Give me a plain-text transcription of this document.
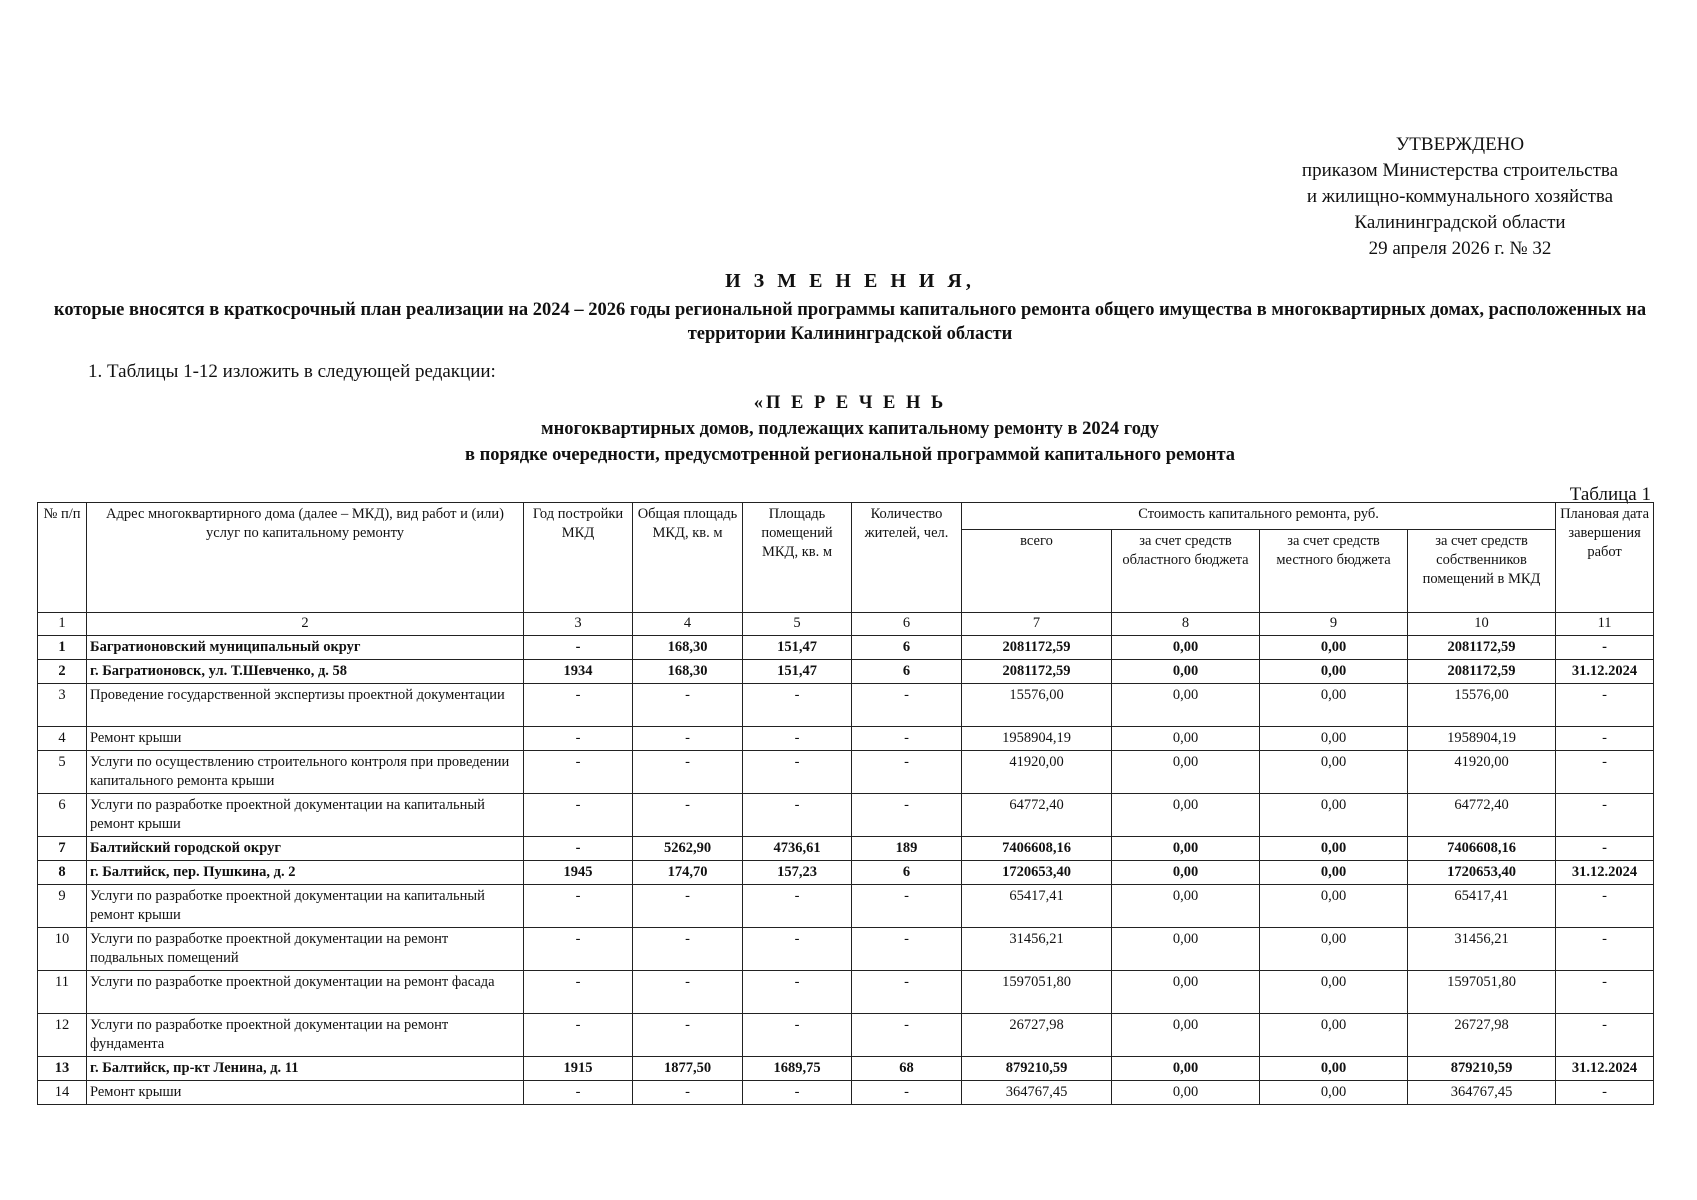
УТВЕРЖДЕНО
приказом Министерства строительства
и жилищно-коммунального хозяйства
Калининградской области
29 апреля 2026 г. № 32
И З М Е Н Е Н И Я,
которые вносятся в краткосрочный план реализации на 2024 – 2026 годы региональной программы капитального ремонта общего имущества в многоквартирных домах, расположенных на территории Калининградской области
1. Таблицы 1-12 изложить в следующей редакции:
«П Е Р Е Ч Е Н Ь
многоквартирных домов, подлежащих капитальному ремонту в 2024 году
в порядке очередности, предусмотренной региональной программой капитального ремонта
Таблица 1
№ п/п	Адрес многоквартирного дома (далее – МКД), вид работ и (или) услуг по капитальному ремонту	Год постройки МКД	Общая площадь МКД, кв. м	Площадь помещений МКД, кв. м	Количество жителей, чел.	Стоимость капитального ремонта, руб.				Плановая дата завершения работ
						всего	за счет средств областного бюджета	за счет средств местного бюджета	за счет средств собственников помещений в МКД	
1	2	3	4	5	6	7	8	9	10	11
1	Багратионовский муниципальный округ	-	168,30	151,47	6	2081172,59	0,00	0,00	2081172,59	-
2	г. Багратионовск, ул. Т.Шевченко, д. 58	1934	168,30	151,47	6	2081172,59	0,00	0,00	2081172,59	31.12.2024
3	Проведение государственной экспертизы проектной документации	-	-	-	-	15576,00	0,00	0,00	15576,00	-
4	Ремонт крыши	-	-	-	-	1958904,19	0,00	0,00	1958904,19	-
5	Услуги по осуществлению строительного контроля при проведении капитального ремонта крыши	-	-	-	-	41920,00	0,00	0,00	41920,00	-
6	Услуги по разработке проектной документации на капитальный ремонт крыши	-	-	-	-	64772,40	0,00	0,00	64772,40	-
7	Балтийский городской округ	-	5262,90	4736,61	189	7406608,16	0,00	0,00	7406608,16	-
8	г. Балтийск, пер. Пушкина, д. 2	1945	174,70	157,23	6	1720653,40	0,00	0,00	1720653,40	31.12.2024
9	Услуги по разработке проектной документации на капитальный ремонт крыши	-	-	-	-	65417,41	0,00	0,00	65417,41	-
10	Услуги по разработке проектной документации на ремонт подвальных помещений	-	-	-	-	31456,21	0,00	0,00	31456,21	-
11	Услуги по разработке проектной документации на ремонт фасада	-	-	-	-	1597051,80	0,00	0,00	1597051,80	-
12	Услуги по разработке проектной документации на ремонт фундамента	-	-	-	-	26727,98	0,00	0,00	26727,98	-
13	г. Балтийск, пр-кт Ленина, д. 11	1915	1877,50	1689,75	68	879210,59	0,00	0,00	879210,59	31.12.2024
14	Ремонт крыши	-	-	-	-	364767,45	0,00	0,00	364767,45	-
